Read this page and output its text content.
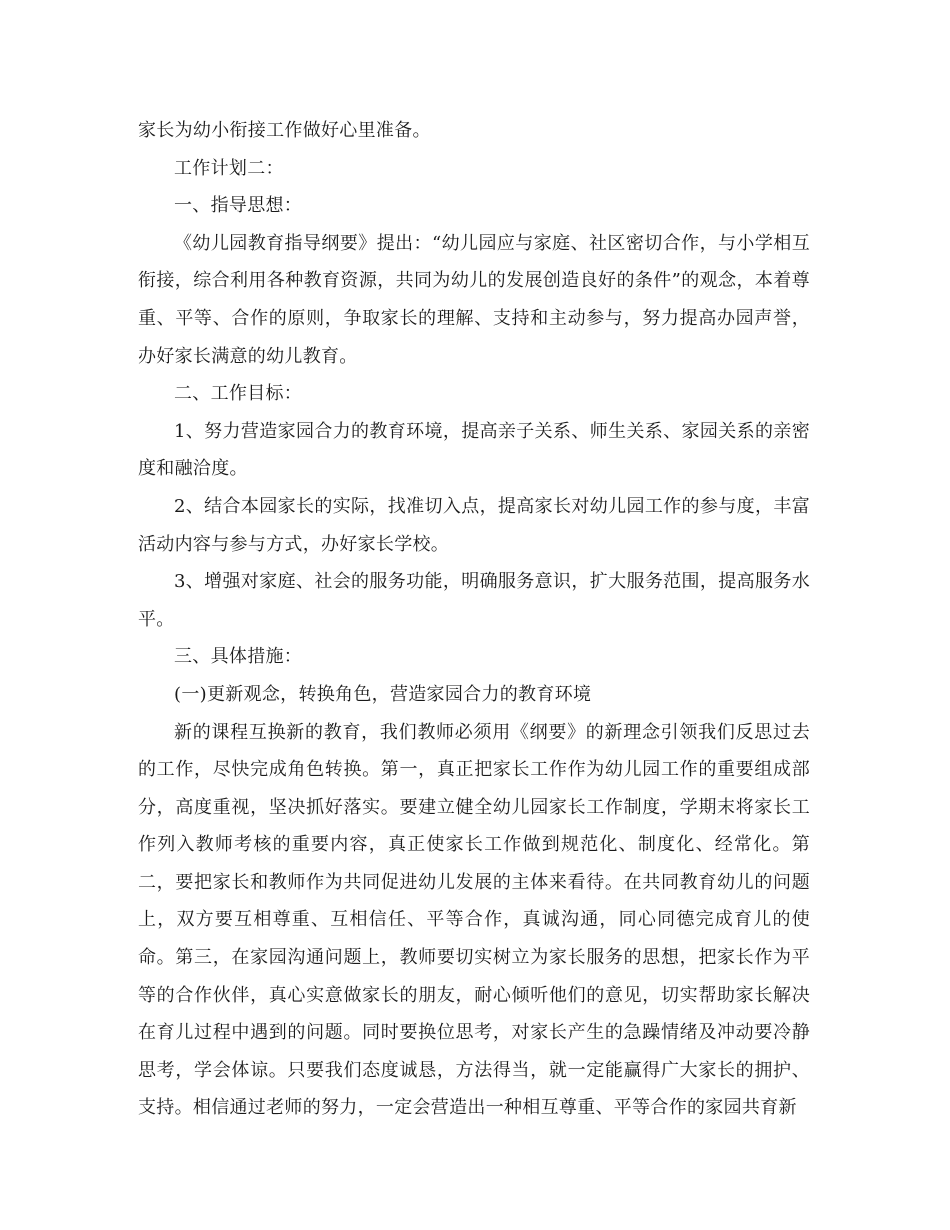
家长为幼小衔接工作做好心里准备。

工作计划二：

一、指导思想：

《幼儿园教育指导纲要》提出：“幼儿园应与家庭、社区密切合作，与小学相互衔接，综合利用各种教育资源，共同为幼儿的发展创造良好的条件”的观念，本着尊重、平等、合作的原则，争取家长的理解、支持和主动参与，努力提高办园声誉，办好家长满意的幼儿教育。

二、工作目标：

1、努力营造家园合力的教育环境，提高亲子关系、师生关系、家园关系的亲密度和融洽度。

2、结合本园家长的实际，找准切入点，提高家长对幼儿园工作的参与度，丰富活动内容与参与方式，办好家长学校。

3、增强对家庭、社会的服务功能，明确服务意识，扩大服务范围，提高服务水平。

三、具体措施：

(一)更新观念，转换角色，营造家园合力的教育环境

新的课程互换新的教育，我们教师必须用《纲要》的新理念引领我们反思过去的工作，尽快完成角色转换。第一，真正把家长工作作为幼儿园工作的重要组成部分，高度重视，坚决抓好落实。要建立健全幼儿园家长工作制度，学期末将家长工作列入教师考核的重要内容，真正使家长工作做到规范化、制度化、经常化。第二，要把家长和教师作为共同促进幼儿发展的主体来看待。在共同教育幼儿的问题上，双方要互相尊重、互相信任、平等合作，真诚沟通，同心同德完成育儿的使命。第三，在家园沟通问题上，教师要切实树立为家长服务的思想，把家长作为平等的合作伙伴，真心实意做家长的朋友，耐心倾听他们的意见，切实帮助家长解决在育儿过程中遇到的问题。同时要换位思考，对家长产生的急躁情绪及冲动要冷静思考，学会体谅。只要我们态度诚恳，方法得当，就一定能赢得广大家长的拥护、支持。相信通过老师的努力，一定会营造出一种相互尊重、平等合作的家园共育新
